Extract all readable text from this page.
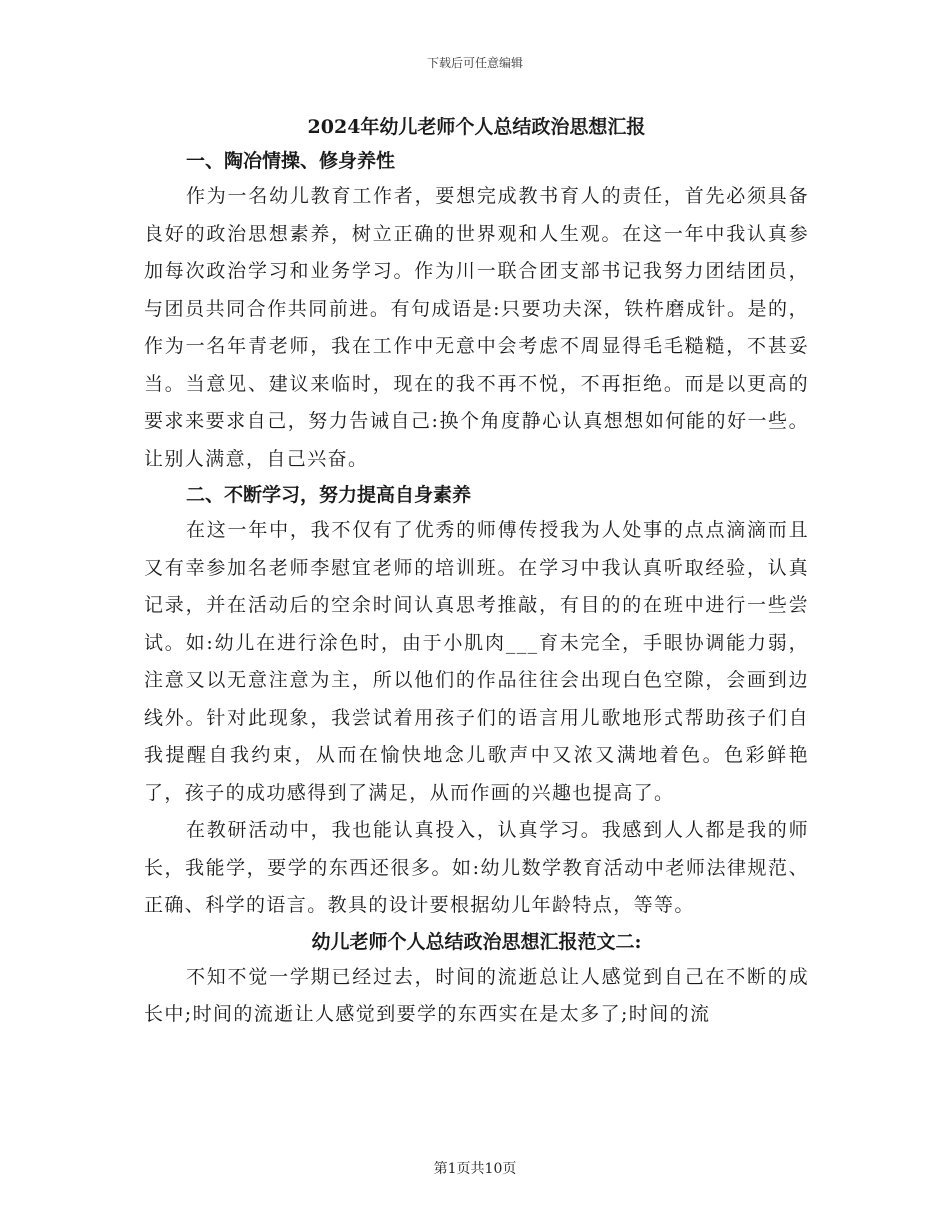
下载后可任意编辑
2024年幼儿老师个人总结政治思想汇报
一、陶冶情操、修身养性

作为一名幼儿教育工作者，要想完成教书育人的责任，首先必须具备良好的政治思想素养，树立正确的世界观和人生观。在这一年中我认真参加每次政治学习和业务学习。作为川一联合团支部书记我努力团结团员，与团员共同合作共同前进。有句成语是:只要功夫深，铁杵磨成针。是的，作为一名年青老师，我在工作中无意中会考虑不周显得毛毛糙糙，不甚妥当。当意见、建议来临时，现在的我不再不悦，不再拒绝。而是以更高的要求来要求自己，努力告诫自己:换个角度静心认真想想如何能的好一些。让别人满意，自己兴奋。

二、不断学习，努力提高自身素养

在这一年中，我不仅有了优秀的师傅传授我为人处事的点点滴滴而且又有幸参加名老师李慰宜老师的培训班。在学习中我认真听取经验，认真记录，并在活动后的空余时间认真思考推敲，有目的的在班中进行一些尝试。如:幼儿在进行涂色时，由于小肌肉___育未完全，手眼协调能力弱，注意又以无意注意为主，所以他们的作品往往会出现白色空隙，会画到边线外。针对此现象，我尝试着用孩子们的语言用儿歌地形式帮助孩子们自我提醒自我约束，从而在愉快地念儿歌声中又浓又满地着色。色彩鲜艳了，孩子的成功感得到了满足，从而作画的兴趣也提高了。

在教研活动中，我也能认真投入，认真学习。我感到人人都是我的师长，我能学，要学的东西还很多。如:幼儿数学教育活动中老师法律规范、正确、科学的语言。教具的设计要根据幼儿年龄特点，等等。

幼儿老师个人总结政治思想汇报范文二:

不知不觉一学期已经过去，时间的流逝总让人感觉到自己在不断的成长中;时间的流逝让人感觉到要学的东西实在是太多了;时间的流

第1页共10页
